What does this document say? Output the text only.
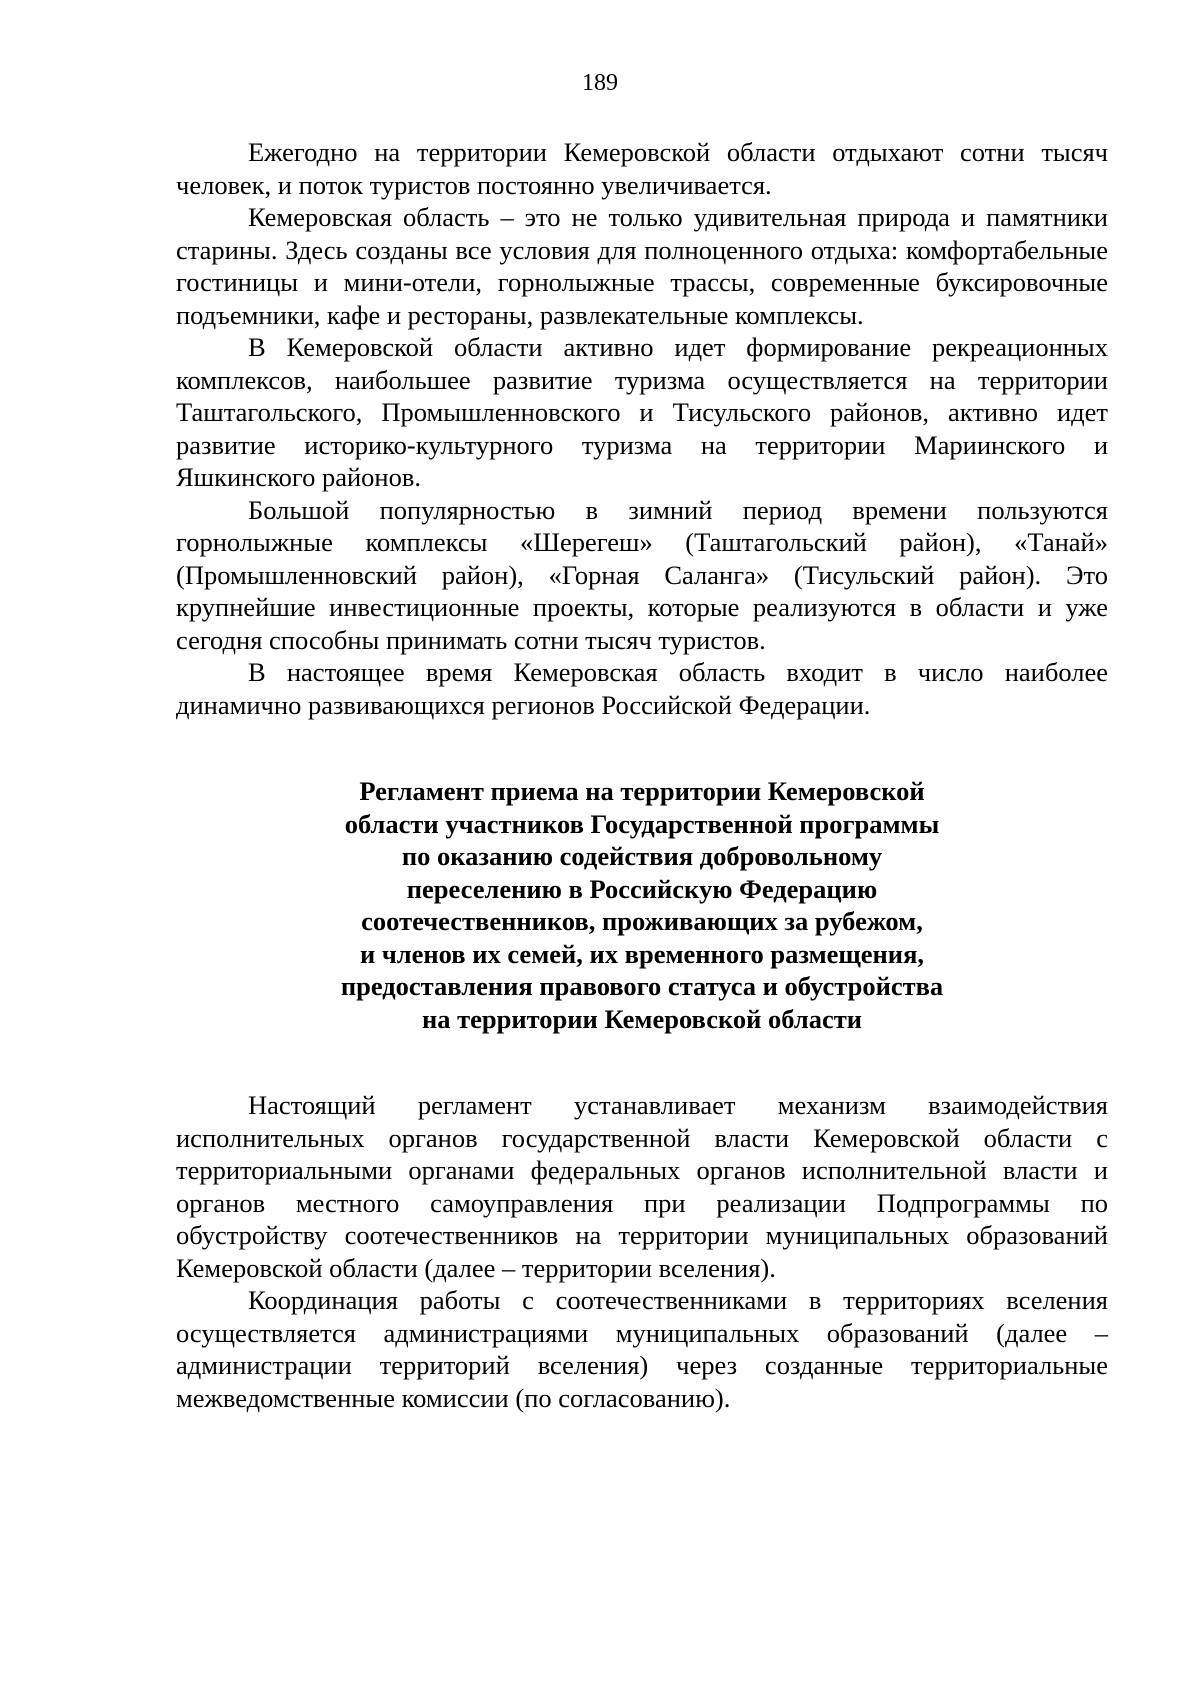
189

Ежегодно на территории Кемеровской области отдыхают сотни тысяч человек, и поток туристов постоянно увеличивается.

Кемеровская область – это не только удивительная природа и памятники старины. Здесь созданы все условия для полноценного отдыха: комфортабельные гостиницы и мини-отели, горнолыжные трассы, современные буксировочные подъемники, кафе и рестораны, развлекательные комплексы.

В Кемеровской области активно идет формирование рекреационных комплексов, наибольшее развитие туризма осуществляется на территории Таштагольского, Промышленновского и Тисульского районов, активно идет развитие историко-культурного туризма на территории Мариинского и Яшкинского районов.

Большой популярностью в зимний период времени пользуются горнолыжные комплексы «Шерегеш» (Таштагольский район), «Танай» (Промышленновский район), «Горная Саланга» (Тисульский район). Это крупнейшие инвестиционные проекты, которые реализуются в области и уже сегодня способны принимать сотни тысяч туристов.

В настоящее время Кемеровская область входит в число наиболее динамично развивающихся регионов Российской Федерации.

Регламент приема на территории Кемеровской
области участников Государственной программы
по оказанию содействия добровольному
переселению в Российскую Федерацию
соотечественников, проживающих за рубежом,
и членов их семей, их временного размещения,
предоставления правового статуса и обустройства
на территории Кемеровской области

Настоящий регламент устанавливает механизм взаимодействия исполнительных органов государственной власти Кемеровской области с территориальными органами федеральных органов исполнительной власти и органов местного самоуправления при реализации Подпрограммы по обустройству соотечественников на территории муниципальных образований Кемеровской области (далее – территории вселения).

Координация работы с соотечественниками в территориях вселения осуществляется администрациями муниципальных образований (далее – администрации территорий вселения) через созданные территориальные межведомственные комиссии (по согласованию).
